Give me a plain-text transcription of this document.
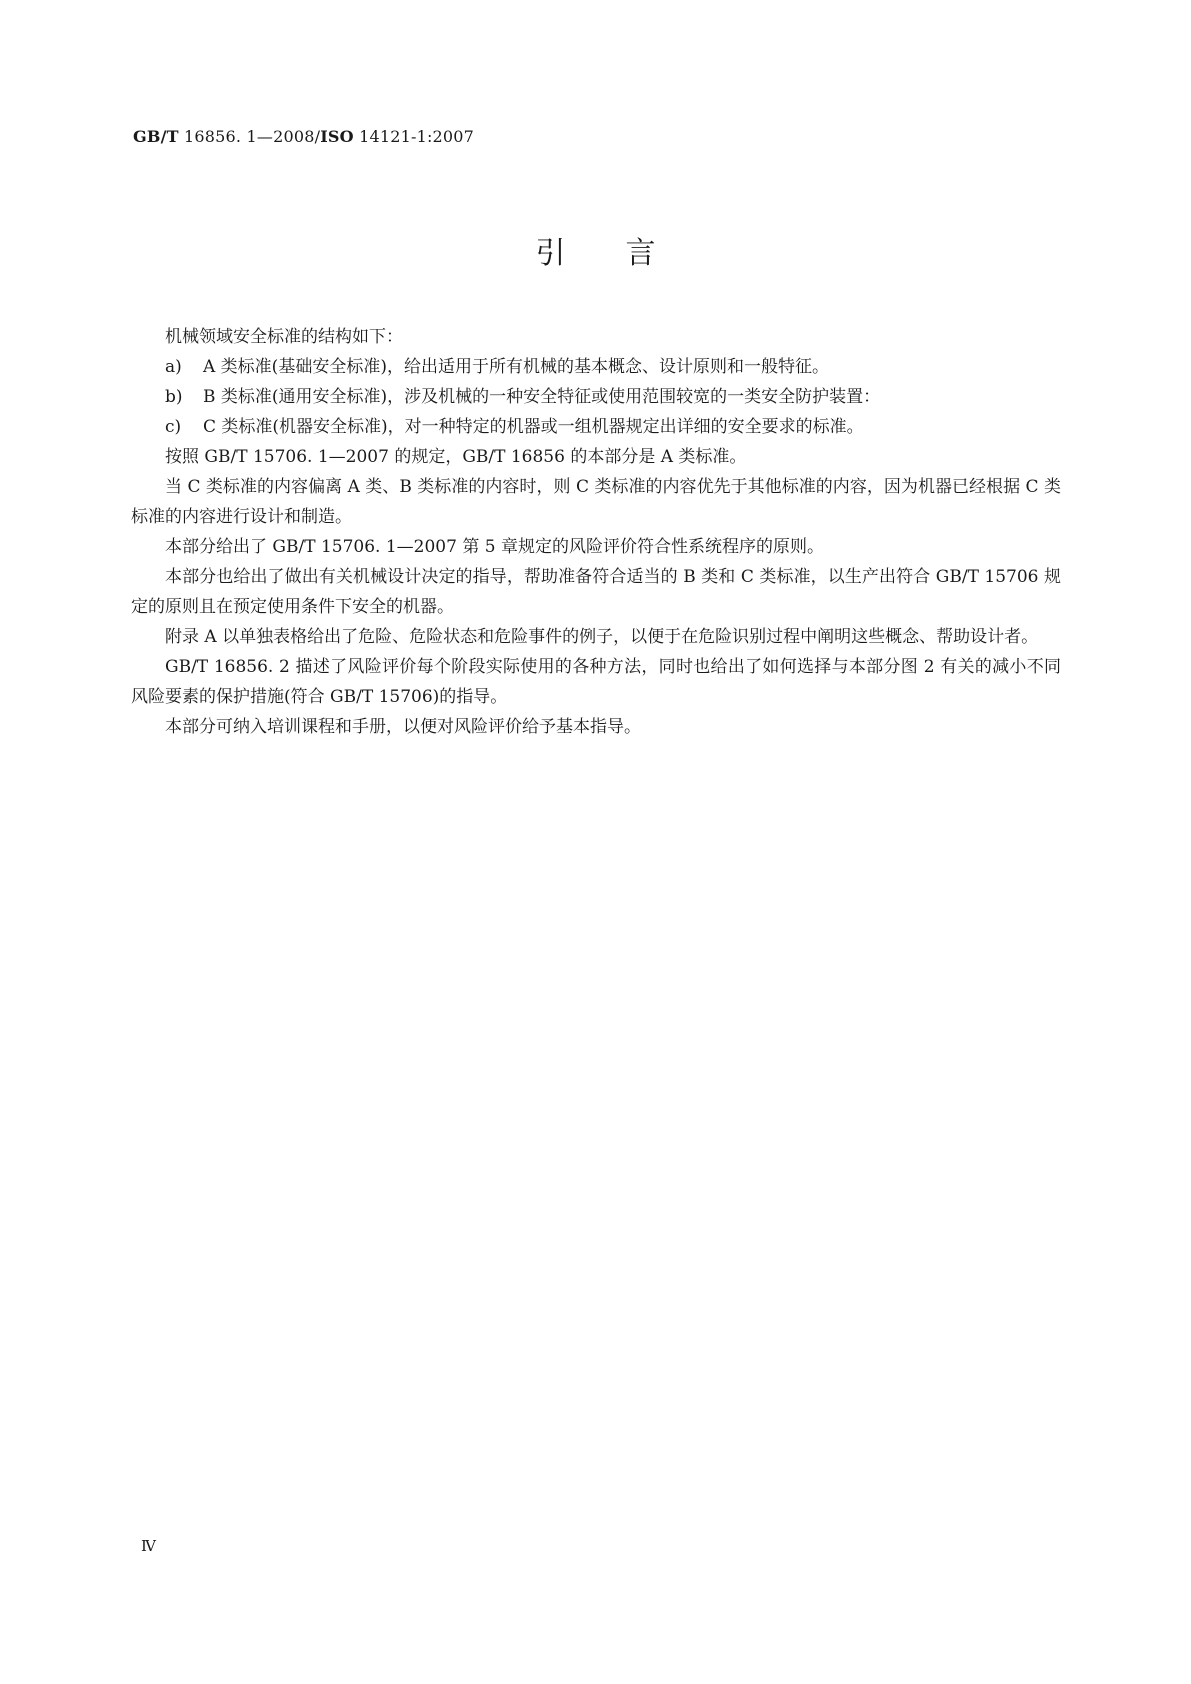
GB/T 16856. 1—2008/ISO 14121-1:2007
引言

机械领域安全标准的结构如下：

a)	A 类标准(基础安全标准)，给出适用于所有机械的基本概念、设计原则和一般特征。
b)	B 类标准(通用安全标准)，涉及机械的一种安全特征或使用范围较宽的一类安全防护装置：
c)	C 类标准(机器安全标准)，对一种特定的机器或一组机器规定出详细的安全要求的标准。

按照 GB/T 15706. 1—2007 的规定，GB/T 16856 的本部分是 A 类标准。

当 C 类标准的内容偏离 A 类、B 类标准的内容时，则 C 类标准的内容优先于其他标准的内容，因为机器已经根据 C 类标准的内容进行设计和制造。

本部分给出了 GB/T 15706. 1—2007 第 5 章规定的风险评价符合性系统程序的原则。

本部分也给出了做出有关机械设计决定的指导，帮助准备符合适当的 B 类和 C 类标准，以生产出符合 GB/T 15706 规定的原则且在预定使用条件下安全的机器。

附录 A 以单独表格给出了危险、危险状态和危险事件的例子，以便于在危险识别过程中阐明这些概念、帮助设计者。

GB/T 16856. 2 描述了风险评价每个阶段实际使用的各种方法，同时也给出了如何选择与本部分图 2 有关的减小不同风险要素的保护措施(符合 GB/T 15706)的指导。

本部分可纳入培训课程和手册，以便对风险评价给予基本指导。

Ⅳ
